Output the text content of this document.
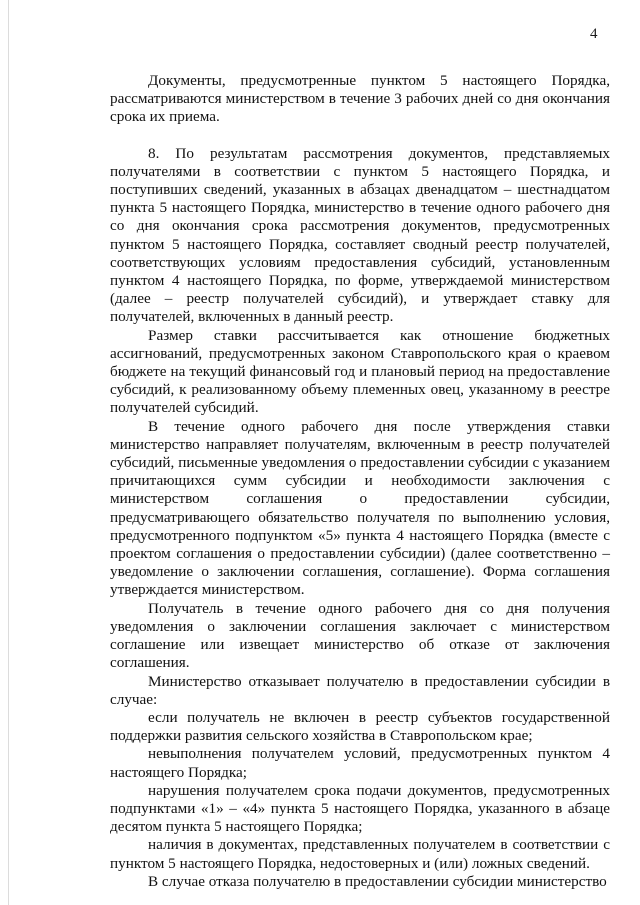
4

Документы, предусмотренные пунктом 5 настоящего Порядка, рассматриваются министерством в течение 3 рабочих дней со дня окончания срока их приема.

8. По результатам рассмотрения документов, представляемых получателями в соответствии с пунктом 5 настоящего Порядка, и поступивших сведений, указанных в абзацах двенадцатом – шестнадцатом пункта 5 настоящего Порядка, министерство в течение одного рабочего дня со дня окончания срока рассмотрения документов, предусмотренных пунктом 5 настоящего Порядка, составляет сводный реестр получателей, соответствующих условиям предоставления субсидий, установленным пунктом 4 настоящего Порядка, по форме, утверждаемой министерством (далее – реестр получателей субсидий), и утверждает ставку для получателей, включенных в данный реестр.

Размер ставки рассчитывается как отношение бюджетных ассигнований, предусмотренных законом Ставропольского края о краевом бюджете на текущий финансовый год и плановый период на предоставление субсидий, к реализованному объему племенных овец, указанному в реестре получателей субсидий.

В течение одного рабочего дня после утверждения ставки министерство направляет получателям, включенным в реестр получателей субсидий, письменные уведомления о предоставлении субсидии с указанием причитающихся сумм субсидии и необходимости заключения с министерством соглашения о предоставлении субсидии, предусматривающего обязательство получателя по выполнению условия, предусмотренного подпунктом «5» пункта 4 настоящего Порядка (вместе с проектом соглашения о предоставлении субсидии) (далее соответственно – уведомление о заключении соглашения, соглашение). Форма соглашения утверждается министерством.

Получатель в течение одного рабочего дня со дня получения уведомления о заключении соглашения заключает с министерством соглашение или извещает министерство об отказе от заключения соглашения.

Министерство отказывает получателю в предоставлении субсидии в случае:

если получатель не включен в реестр субъектов государственной поддержки развития сельского хозяйства в Ставропольском крае;

невыполнения получателем условий, предусмотренных пунктом 4 настоящего Порядка;

нарушения получателем срока подачи документов, предусмотренных подпунктами «1» – «4» пункта 5 настоящего Порядка, указанного в абзаце десятом пункта 5 настоящего Порядка;

наличия в документах, представленных получателем в соответствии с пунктом 5 настоящего Порядка, недостоверных и (или) ложных сведений.

В случае отказа получателю в предоставлении субсидии министерство
